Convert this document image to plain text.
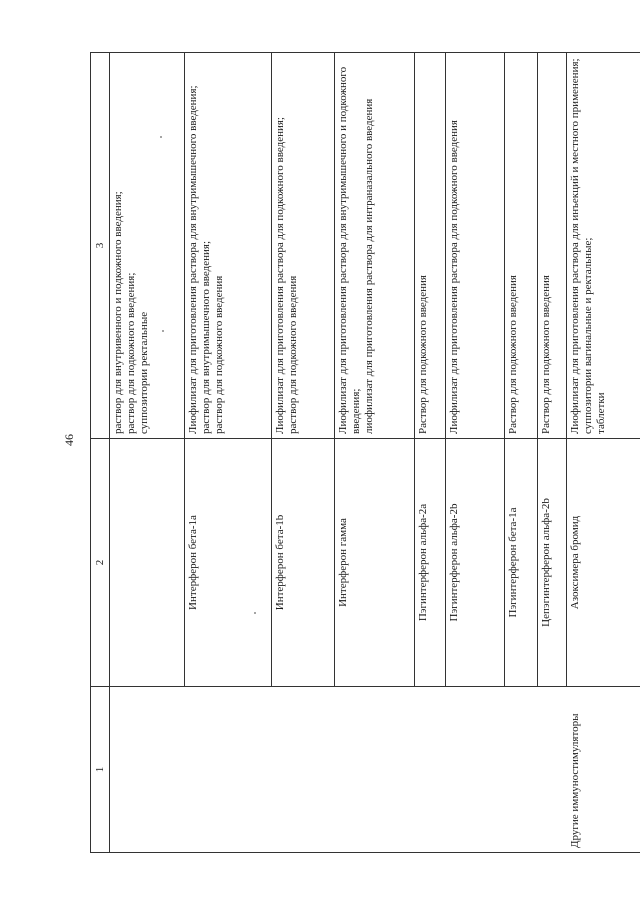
46
1	2	3
		раствор для внутривенного и подкожного введения;
раствор для подкожного введения;
суппозитории ректальные
	Интерферон бета-1a	Лиофилизат для приготовления раствора для внутримышечного введения;
раствор для внутримышечного введения;
раствор для подкожного введения
	Интерферон бета-1b	Лиофилизат для приготовления раствора для подкожного введения;
раствор для подкожного введения
	Интерферон гамма	Лиофилизат для приготовления раствора для внутримышечного и подкожного введения;
лиофилизат для приготовления раствора для интраназального введения
	Пэгинтерферон альфа-2a	Раствор для подкожного введения
	Пэгинтерферон альфа-2b	Лиофилизат для приготовления раствора для подкожного введения
	Пэгинтерферон бета-1a	Раствор для подкожного введения
	Цепэгинтерферон альфа-2b	Раствор для подкожного введения
Другие иммуностимуляторы	Азоксимера бромид	Лиофилизат для приготовления раствора для инъекций и местного применения;
суппозитории вагинальные и ректальные;
таблетки
